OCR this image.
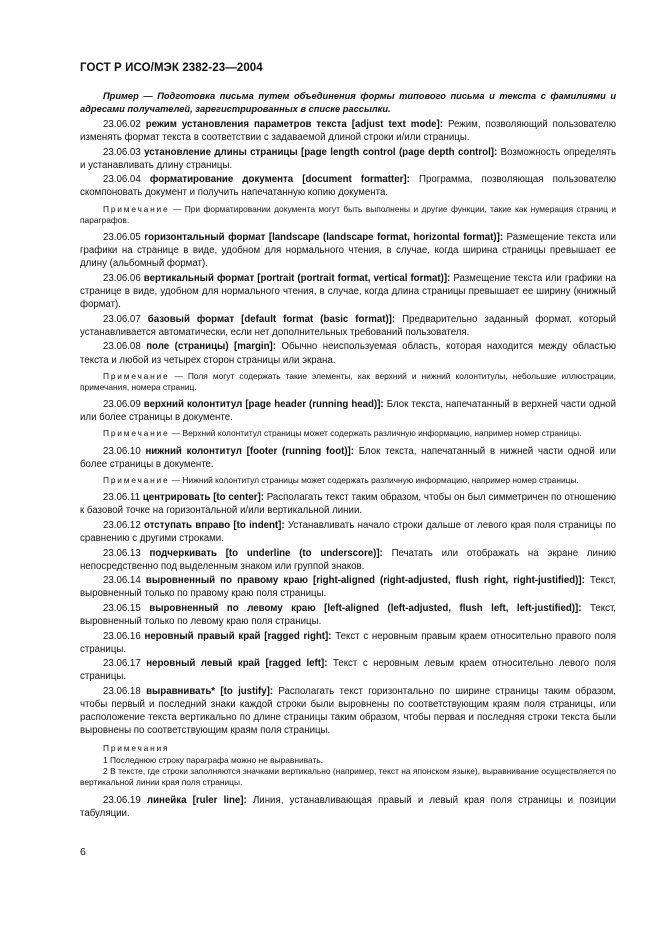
ГОСТ Р ИСО/МЭК 2382-23—2004

Пример — Подготовка письма путем объединения формы типового письма и текста с фамилиями и адресами получателей, зарегистрированных в списке рассылки.

23.06.02 режим установления параметров текста [adjust text mode]: Режим, позволяющий пользователю изменять формат текста в соответствии с задаваемой длиной строки и/или страницы.

23.06.03 установление длины страницы [page length control (page depth control]: Возможность определять и устанавливать длину страницы.

23.06.04 форматирование документа [document formatter]: Программа, позволяющая пользователю скомпоновать документ и получить напечатанную копию документа.

Примечание — При форматировании документа могут быть выполнены и другие функции, такие как нумерация страниц и параграфов.

23.06.05 горизонтальный формат [landscape (landscape format, horizontal format)]: Размещение текста или графики на странице в виде, удобном для нормального чтения, в случае, когда ширина страницы превышает ее длину (альбомный формат).

23.06.06 вертикальный формат [portrait (portrait format, vertical format)]: Размещение текста или графики на странице в виде, удобном для нормального чтения, в случае, когда длина страницы превышает ее ширину (книжный формат).

23.06.07 базовый формат [default format (basic format)]: Предварительно заданный формат, который устанавливается автоматически, если нет дополнительных требований пользователя.

23.06.08 поле (страницы) [margin]: Обычно неиспользуемая область, которая находится между областью текста и любой из четырех сторон страницы или экрана.

Примечание — Поля могут содержать такие элементы, как верхний и нижний колонтитулы, небольшие иллюстрации, примечания, номера страниц.

23.06.09 верхний колонтитул [page header (running head)]: Блок текста, напечатанный в верхней части одной или более страницы в документе.

Примечание — Верхний колонтитул страницы может содержать различную информацию, например номер страницы.

23.06.10 нижний колонтитул [footer (running foot)]: Блок текста, напечатанный в нижней части одной или более страницы в документе.

Примечание — Нижний колонтитул страницы может содержать различную информацию, например номер страницы.

23.06.11 центрировать [to center]: Располагать текст таким образом, чтобы он был симметричен по отношению к базовой точке на горизонтальной и/или вертикальной линии.

23.06.12 отступать вправо [to indent]: Устанавливать начало строки дальше от левого края поля страницы по сравнению с другими строками.

23.06.13 подчеркивать [to underline (to underscore)]: Печатать или отображать на экране линию непосредственно под выделенным знаком или группой знаков.

23.06.14 выровненный по правому краю [right-aligned (right-adjusted, flush right, right-justified)]: Текст, выровненный только по правому краю поля страницы.

23.06.15 выровненный по левому краю [left-aligned (left-adjusted, flush left, left-justified)]: Текст, выровненный только по левому краю поля страницы.

23.06.16 неровный правый край [ragged right]: Текст с неровным правым краем относительно правого поля страницы.

23.06.17 неровный левый край [ragged left]: Текст с неровным левым краем относительно левого поля страницы.

23.06.18 выравнивать* [to justify]: Располагать текст горизонтально по ширине страницы таким образом, чтобы первый и последний знаки каждой строки были выровнены по соответствующим краям поля страницы, или расположение текста вертикально по длине страницы таким образом, чтобы первая и последняя строки текста были выровнены по соответствующим краям поля страницы.

Примечания

1 Последнюю строку параграфа можно не выравнивать.

2 В тексте, где строки заполняются значками вертикально (например, текст на японском языке), выравнивание осуществляется по вертикальной линии края поля страницы.

23.06.19 линейка [ruler line]: Линия, устанавливающая правый и левый края поля страницы и позиции табуляции.

6
